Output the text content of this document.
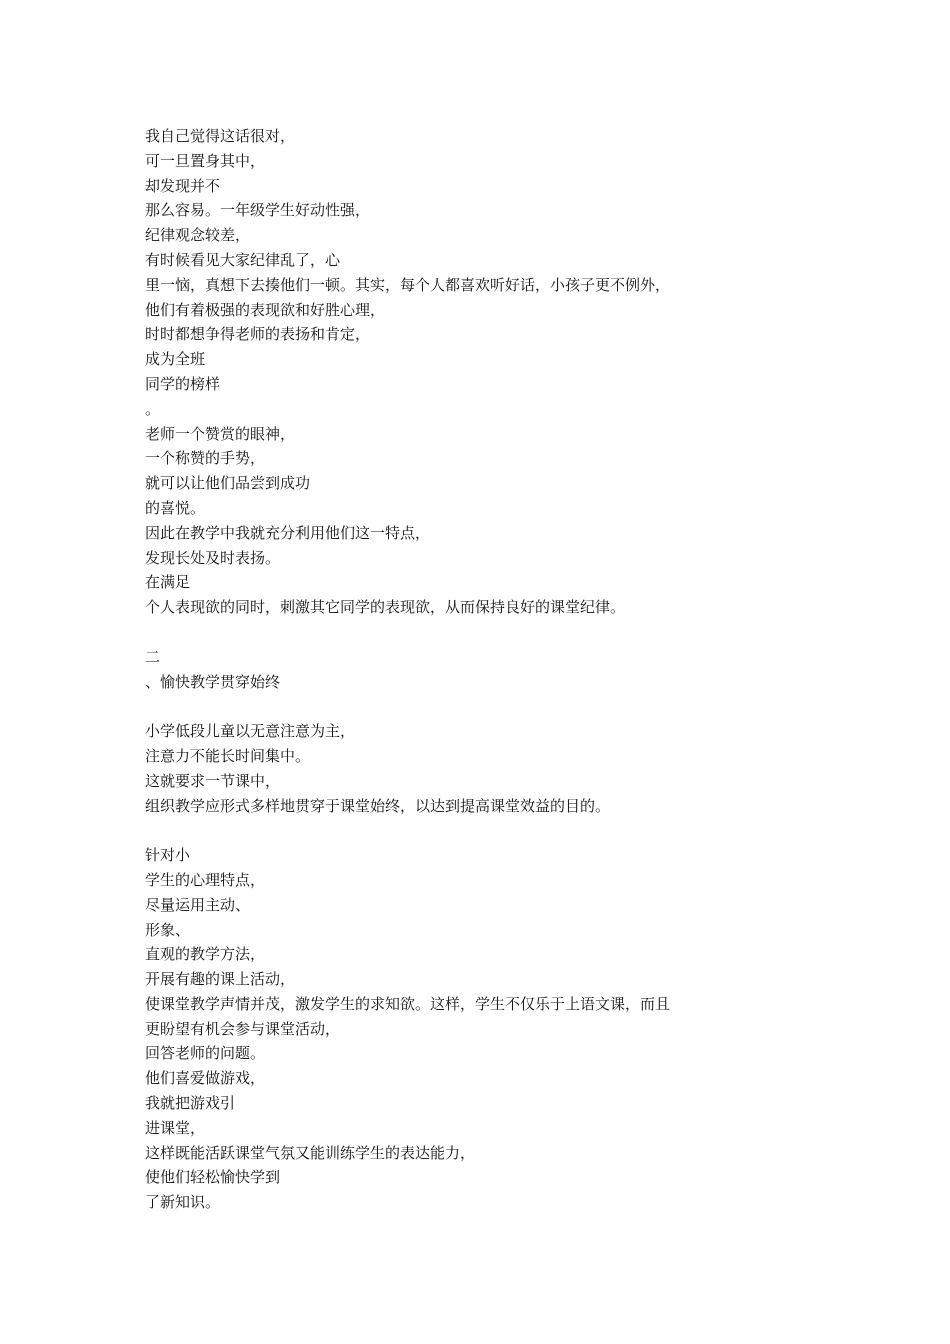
我自己觉得这话很对，
可一旦置身其中，
却发现并不
那么容易。一年级学生好动性强，
纪律观念较差，
有时候看见大家纪律乱了，心
里一恼，真想下去揍他们一顿。其实，每个人都喜欢听好话，小孩子更不例外，
他们有着极强的表现欲和好胜心理，
时时都想争得老师的表扬和肯定，
成为全班
同学的榜样
。
老师一个赞赏的眼神，
一个称赞的手势，
就可以让他们品尝到成功
的喜悦。
因此在教学中我就充分利用他们这一特点，
发现长处及时表扬。
在满足
个人表现欲的同时，刺激其它同学的表现欲，从而保持良好的课堂纪律。
二
、愉快教学贯穿始终
小学低段儿童以无意注意为主，
注意力不能长时间集中。
这就要求一节课中，
组织教学应形式多样地贯穿于课堂始终，以达到提高课堂效益的目的。
针对小
学生的心理特点，
尽量运用主动、
形象、
直观的教学方法，
开展有趣的课上活动，
使课堂教学声情并茂，激发学生的求知欲。这样，学生不仅乐于上语文课，而且
更盼望有机会参与课堂活动，
回答老师的问题。
他们喜爱做游戏，
我就把游戏引
进课堂，
这样既能活跃课堂气氛又能训练学生的表达能力，
使他们轻松愉快学到
了新知识。
